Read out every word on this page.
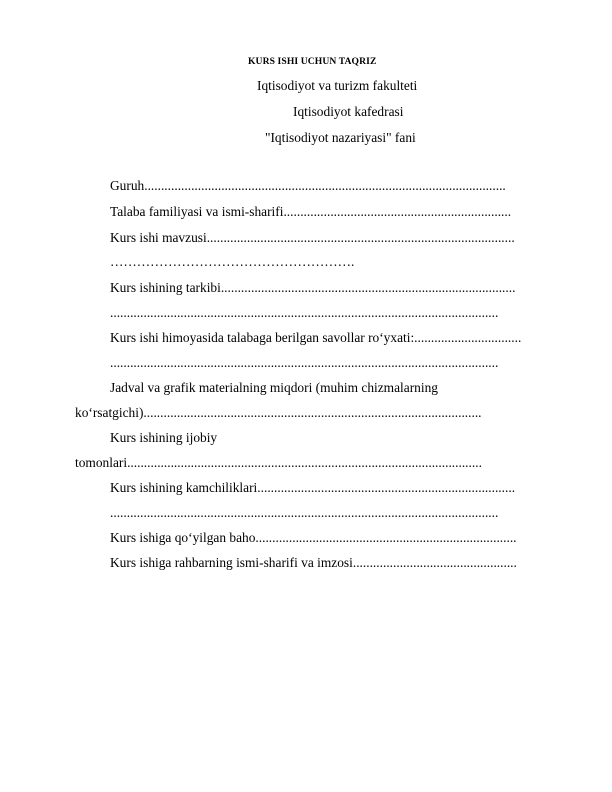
KURS ISHI UCHUN TAQRIZ
Iqtisodiyot va turizm fakulteti
Iqtisodiyot kafedrasi
"Iqtisodiyot nazariyasi" fani
Guruh............................................................................................................
Talaba familiyasi va ismi-sharifi....................................................................
Kurs ishi mavzusi............................................................................................
……………………………………………….
Kurs ishining tarkibi........................................................................................
....................................................................................................................
Kurs ishi himoyasida talabaga berilgan savollar ro‘yxati:................................
....................................................................................................................
Jadval va grafik materialning miqdori (muhim chizmalarning
ko‘rsatgichi).....................................................................................................
Kurs ishining ijobiy
tomonlari..........................................................................................................
Kurs ishining kamchiliklari.............................................................................
....................................................................................................................
Kurs ishiga qo‘yilgan baho..............................................................................
Kurs ishiga rahbarning ismi-sharifi va imzosi.................................................
